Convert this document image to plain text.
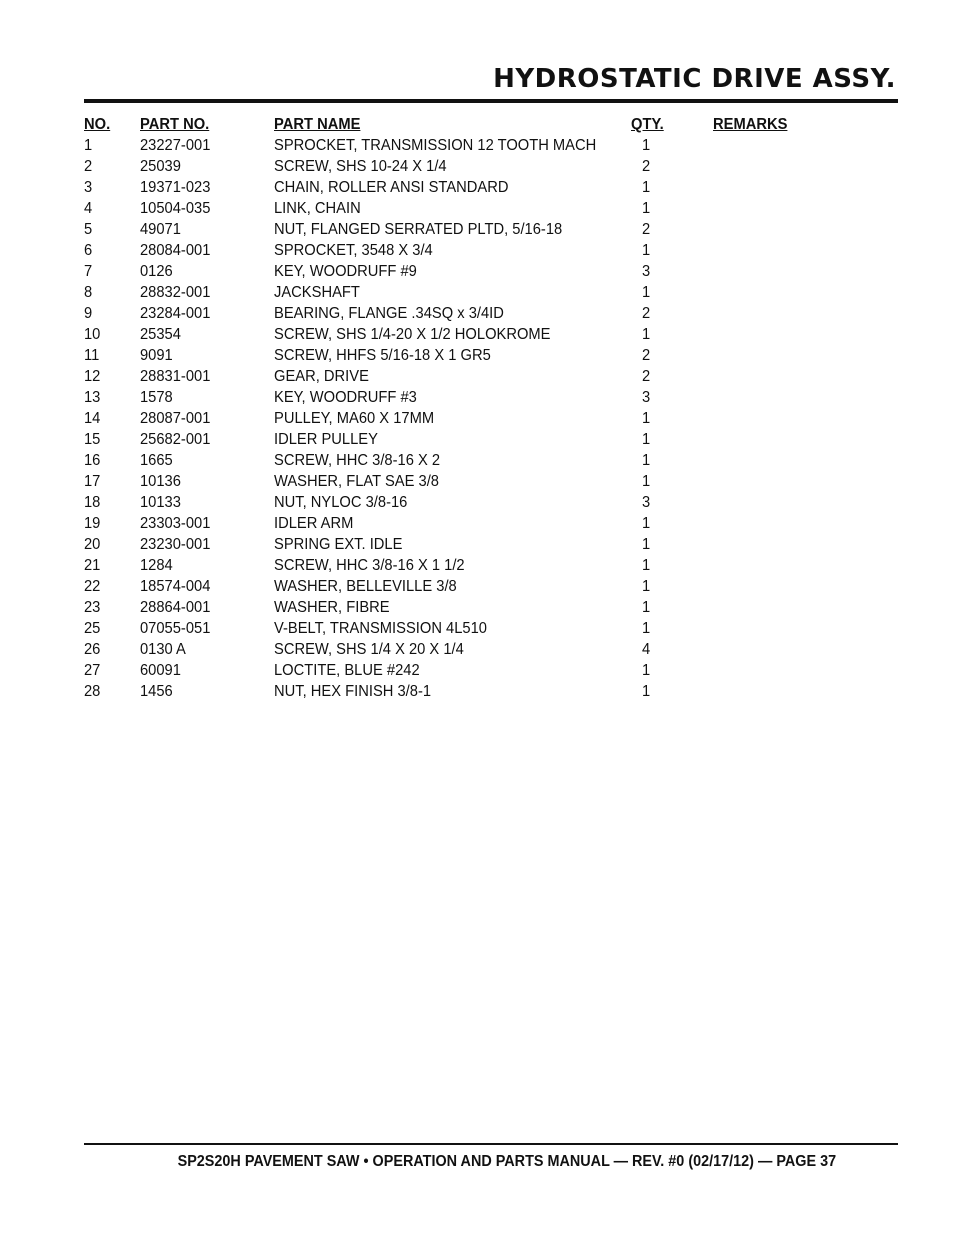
HYDROSTATIC DRIVE ASSY.
NO.	PART NO.	PART NAME	QTY.	REMARKS
1	23227-001	SPROCKET, TRANSMISSION 12 TOOTH MACH	1	
2	25039	SCREW, SHS 10-24 X 1/4	2	
3	19371-023	CHAIN, ROLLER ANSI STANDARD	1	
4	10504-035	LINK, CHAIN	1	
5	49071	NUT, FLANGED SERRATED PLTD, 5/16-18	2	
6	28084-001	SPROCKET, 3548 X 3/4	1	
7	0126	KEY, WOODRUFF #9	3	
8	28832-001	JACKSHAFT	1	
9	23284-001	BEARING, FLANGE .34SQ x 3/4ID	2	
10	25354	SCREW, SHS 1/4-20 X 1/2 HOLOKROME	1	
11	9091	SCREW, HHFS 5/16-18 X 1 GR5	2	
12	28831-001	GEAR, DRIVE	2	
13	1578	KEY, WOODRUFF #3	3	
14	28087-001	PULLEY, MA60 X 17MM	1	
15	25682-001	IDLER PULLEY	1	
16	1665	SCREW, HHC 3/8-16 X 2	1	
17	10136	WASHER, FLAT SAE 3/8	1	
18	10133	NUT, NYLOC 3/8-16	3	
19	23303-001	IDLER ARM	1	
20	23230-001	SPRING EXT. IDLE	1	
21	1284	SCREW, HHC 3/8-16 X 1 1/2	1	
22	18574-004	WASHER, BELLEVILLE 3/8	1	
23	28864-001	WASHER, FIBRE	1	
25	07055-051	V-BELT, TRANSMISSION 4L510	1	
26	0130 A	SCREW, SHS 1/4 X 20 X 1/4	4	
27	60091	LOCTITE, BLUE #242	1	
28	1456	NUT, HEX FINISH 3/8-1	1	
SP2S20H PAVEMENT SAW • OPERATION AND PARTS MANUAL — REV. #0 (02/17/12) — PAGE 37
